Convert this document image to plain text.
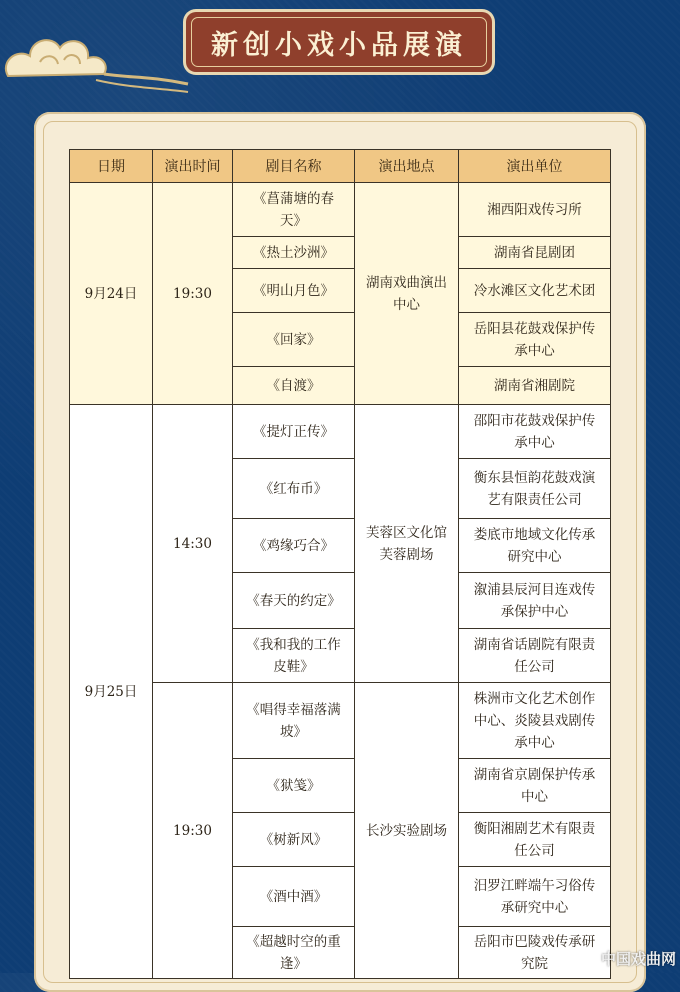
新创小戏小品展演
日期	演出时间	剧目名称	演出地点	演出单位
9月24日	19:30	《菖蒲塘的春天》	湖南戏曲演出中心	湘西阳戏传习所
		《热土沙洲》		湖南省昆剧团
		《明山月色》		冷水滩区文化艺术团
		《回家》		岳阳县花鼓戏保护传承中心
		《自渡》		湖南省湘剧院
9月25日	14:30	《提灯正传》	芙蓉区文化馆芙蓉剧场	邵阳市花鼓戏保护传承中心
		《红布币》		衡东县恒韵花鼓戏演艺有限责任公司
		《鸡缘巧合》		娄底市地域文化传承研究中心
		《春天的约定》		溆浦县辰河目连戏传承保护中心
		《我和我的工作皮鞋》		湖南省话剧院有限责任公司
	19:30	《唱得幸福落满坡》	长沙实验剧场	株洲市文化艺术创作中心、炎陵县戏剧传承中心
		《狱笺》		湖南省京剧保护传承中心
		《树新风》		衡阳湘剧艺术有限责任公司
		《酒中酒》		汨罗江畔端午习俗传承研究中心
		《超越时空的重逢》		岳阳市巴陵戏传承研究院	中国戏曲网
